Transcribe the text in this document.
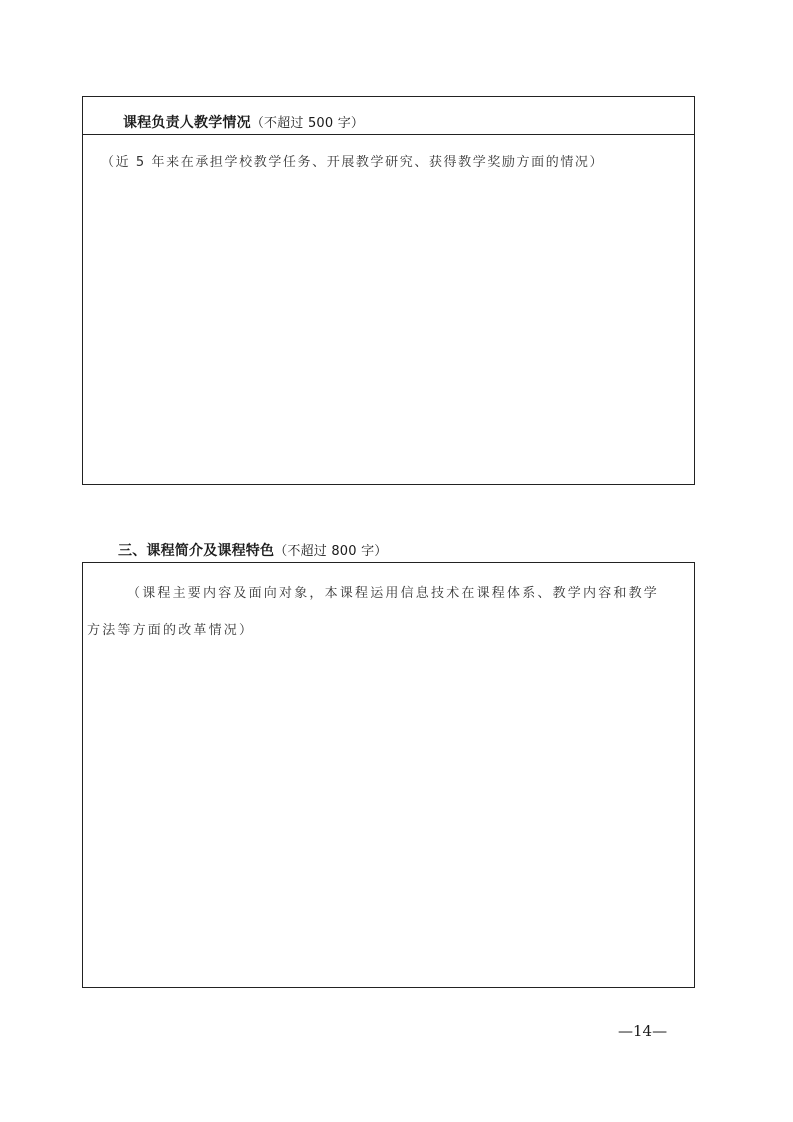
课程负责人教学情况（不超过 500 字）
（近 5 年来在承担学校教学任务、开展教学研究、获得教学奖励方面的情况）
三、课程简介及课程特色（不超过 800 字）
（课程主要内容及面向对象，本课程运用信息技术在课程体系、教学内容和教学
方法等方面的改革情况）
—14—
